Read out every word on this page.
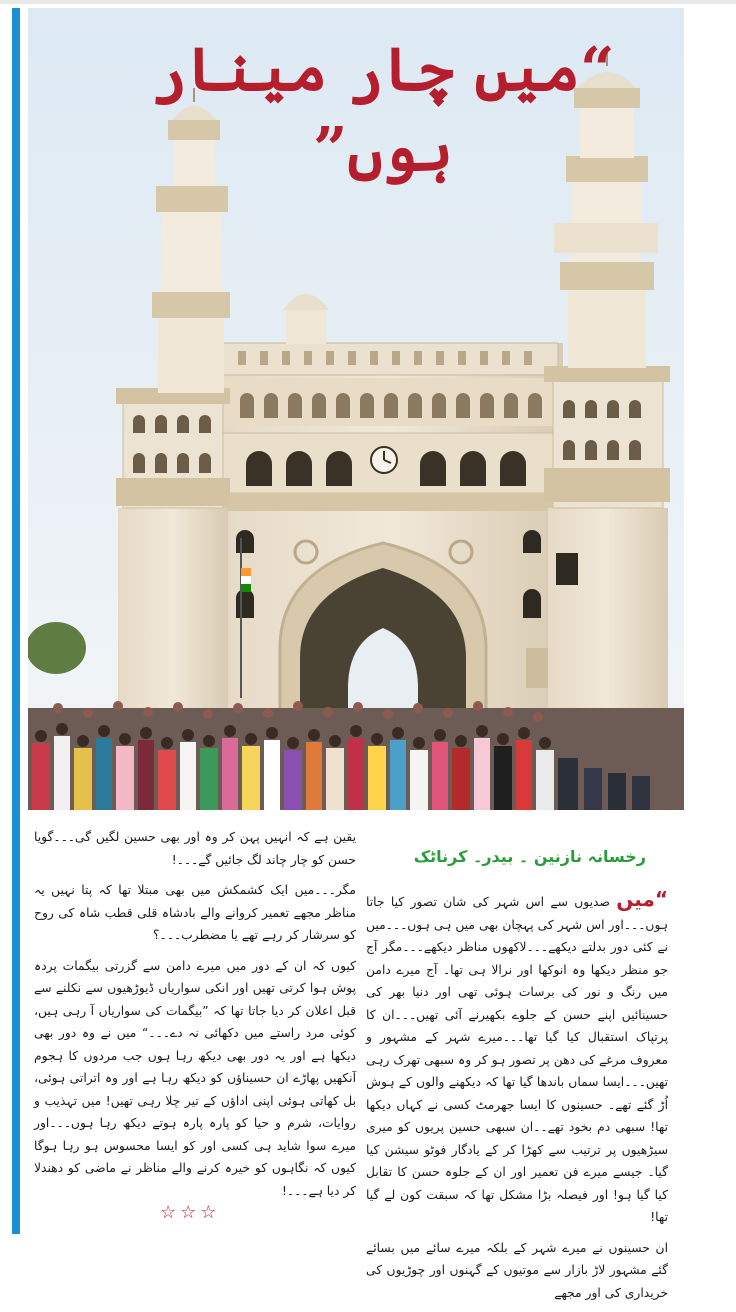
“میں چار مینار ہوں”
رخسانہ نازنین ۔ بیدر۔ کرناٹک

یقین ہے کہ انہیں پہن کر وہ اور بھی حسین لگیں گی۔۔۔گویا حسن کو چار چاند لگ جائیں گے۔۔۔!

مگر۔۔۔میں ایک کشمکش میں بھی مبتلا تھا کہ پتا نہیں یہ مناظر مجھے تعمیر کروانے والے بادشاہ قلی قطب شاہ کی روح کو سرشار کر رہے تھے یا مضطرب۔۔۔؟

کیوں کہ ان کے دور میں میرے دامن سے گزرتی بیگمات پردہ پوش ہوا کرتی تھیں اور انکی سواریاں ڈیوڑھیوں سے نکلنے سے قبل اعلان کر دیا جاتا تھا کہ ”بیگمات کی سواریاں آ رہی ہیں، کوئی مرد راستے میں دکھائی نہ دے۔۔۔“ میں نے وہ دور بھی دیکھا ہے اور یہ دور بھی دیکھ رہا ہوں جب مردوں کا ہجوم آنکھیں پھاڑے ان حسیناؤں کو دیکھ رہا ہے اور وہ اتراتی ہوئی، بل کھاتی ہوئی اپنی اداؤں کے تیر چلا رہی تھیں! میں تہذیب و روایات، شرم و حیا کو پارہ پارہ ہوتے دیکھ رہا ہوں۔۔۔اور میرے سوا شاید ہی کسی اور کو ایسا محسوس ہو رہا ہوگا کیوں کہ نگاہوں کو خیرہ کرنے والے مناظر نے ماضی کو دھندلا کر دیا ہے۔۔۔!

“میں صدیوں سے اس شہر کی شان تصور کیا جاتا ہوں۔۔۔اور اس شہر کی پہچان بھی میں ہی ہوں۔۔۔میں نے کئی دور بدلتے دیکھے۔۔۔لاکھوں مناظر دیکھے۔۔۔مگر آج جو منظر دیکھا وہ انوکھا اور نرالا ہی تھا۔ آج میرے دامن میں رنگ و نور کی برسات ہوئی تھی اور دنیا بھر کی حسینائیں اپنے حسن کے جلوے بکھیرنے آئی تھیں۔۔۔ان کا پرتپاک استقبال کیا گیا تھا۔۔۔میرے شہر کے مشہور و معروف مرغے کی دھن پر تصور ہو کر وہ سبھی تھرک رہی تھیں۔۔۔ایسا سماں باندھا گیا تھا کہ دیکھنے والوں کے ہوش اُڑ گئے تھے۔ حسینوں کا ایسا جھرمٹ کسی نے کہاں دیکھا تھا! سبھی دم بخود تھے۔۔ان سبھی حسین پریوں کو میری سیڑھیوں پر ترتیب سے کھڑا کر کے یادگار فوٹو سیشن کیا گیا۔ جیسے میرے فن تعمیر اور ان کے جلوہ حسن کا تقابل کیا گیا ہو! اور فیصلہ بڑا مشکل تھا کہ سبقت کون لے گیا تھا!

ان حسینوں نے میرے شہر کے بلکہ میرے سائے میں بسائے گئے مشہور لاڑ بازار سے موتیوں کے گہنوں اور چوڑیوں کی خریداری کی اور مجھے

☆☆☆
